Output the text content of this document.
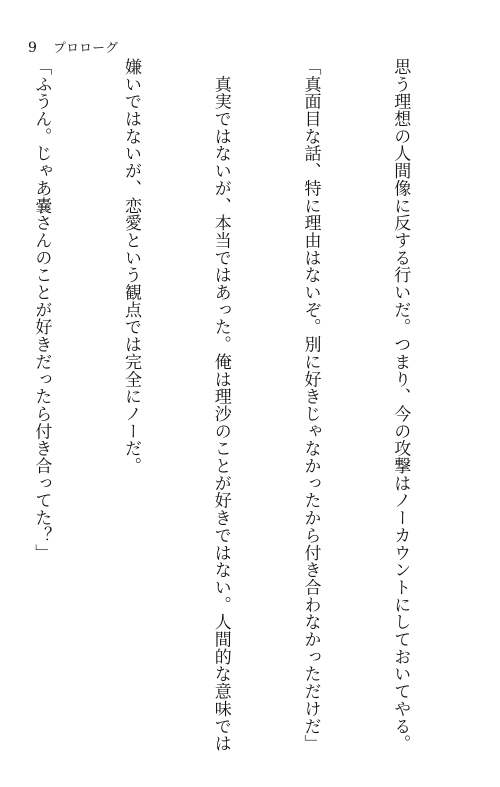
9 プロローグ

思う理想の人間像に反する行いだ。つまり、今の攻撃はノーカウントにしておいてやる。

「真面目な話、特に理由はないぞ。別に好きじゃなかったから付き合わなかっただけだ」

　真実ではないが、本当ではあった。俺は理沙のことが好きではない。人間的な意味では

嫌いではないが、恋愛という観点では完全にノーだ。

「ふうん。じゃあ嚢さんのことが好きだったら付き合ってた？」
